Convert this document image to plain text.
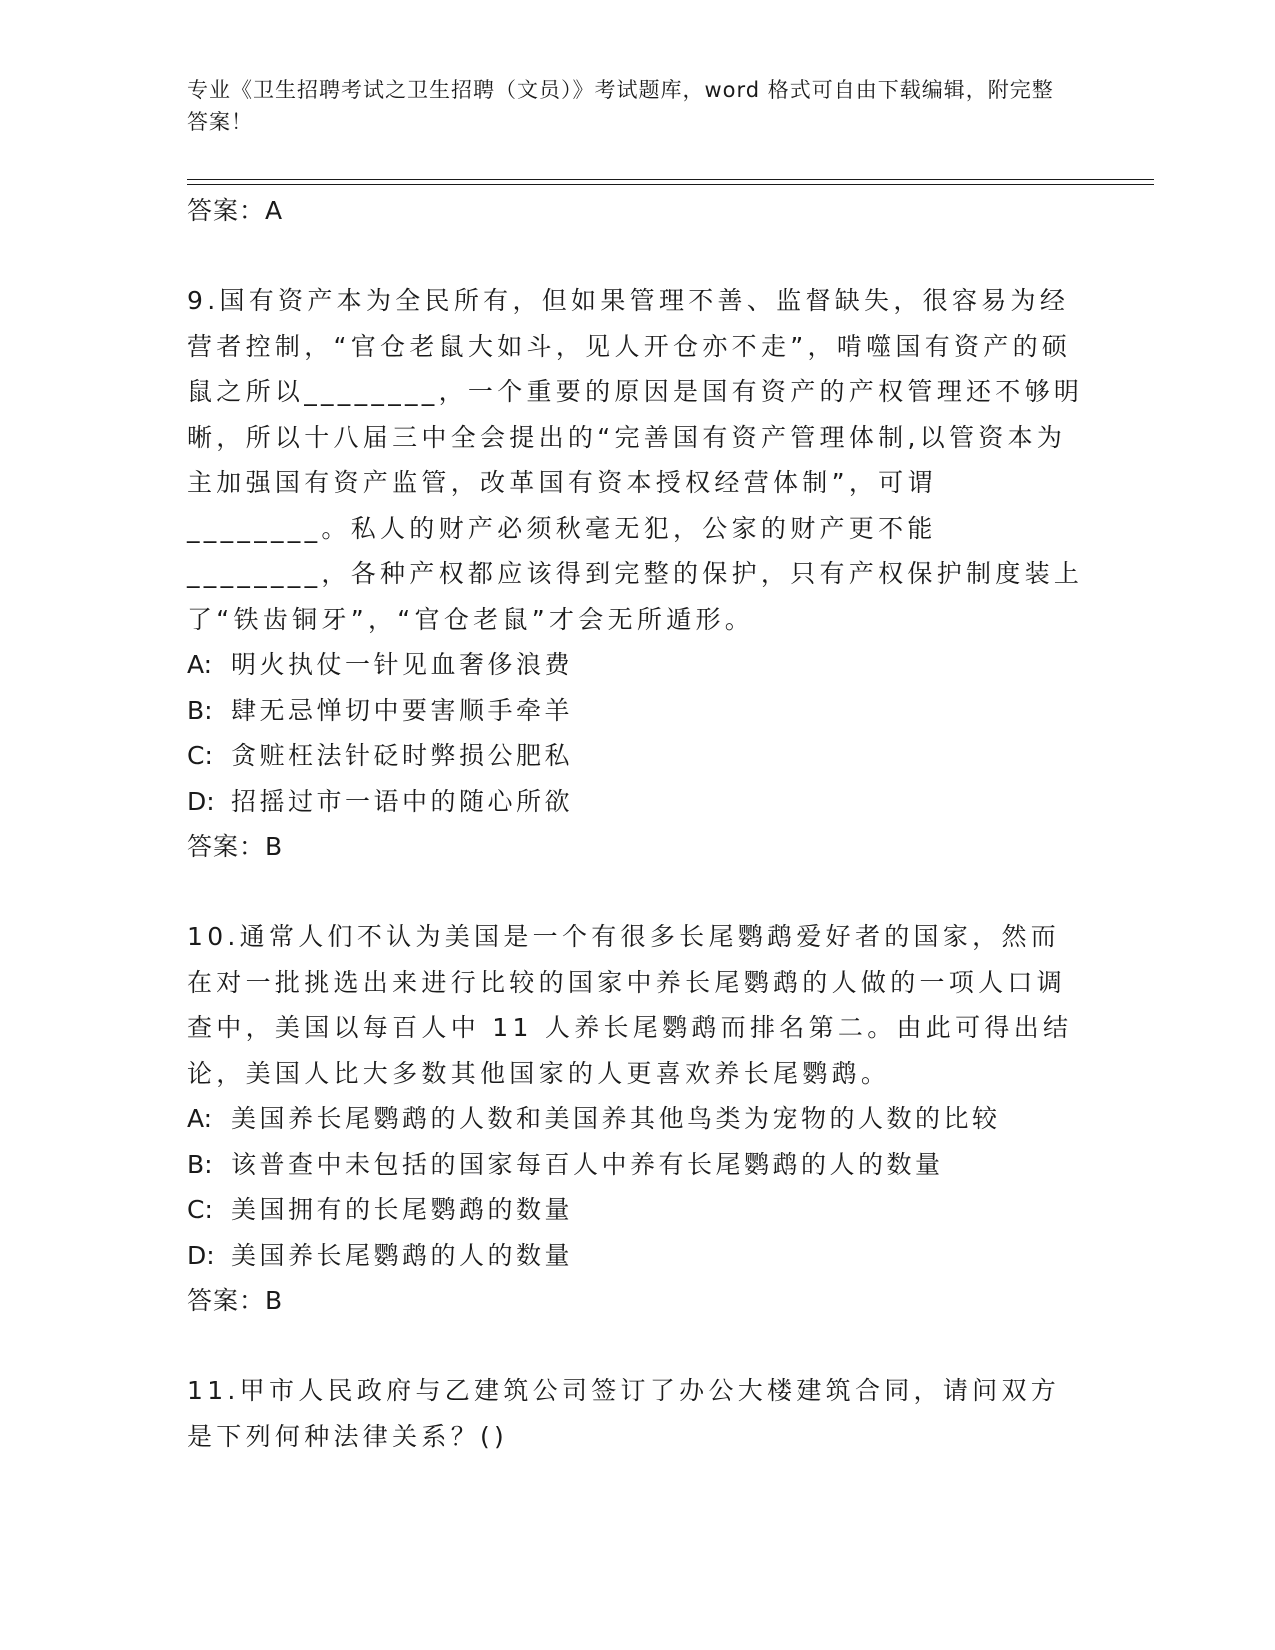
专业《卫生招聘考试之卫生招聘（文员）》考试题库，word 格式可自由下载编辑，附完整答案！
答案：A
9.国有资产本为全民所有，但如果管理不善、监督缺失，很容易为经营者控制，“官仓老鼠大如斗，见人开仓亦不走”，啃噬国有资产的硕鼠之所以________，一个重要的原因是国有资产的产权管理还不够明晰，所以十八届三中全会提出的“完善国有资产管理体制,以管资本为主加强国有资产监管，改革国有资本授权经营体制”，可谓________。私人的财产必须秋毫无犯，公家的财产更不能________，各种产权都应该得到完整的保护，只有产权保护制度装上了“铁齿铜牙”，“官仓老鼠”才会无所遁形。
A: 明火执仗一针见血奢侈浪费
B: 肆无忌惮切中要害顺手牵羊
C: 贪赃枉法针砭时弊损公肥私
D: 招摇过市一语中的随心所欲
答案：B
10.通常人们不认为美国是一个有很多长尾鹦鹉爱好者的国家，然而在对一批挑选出来进行比较的国家中养长尾鹦鹉的人做的一项人口调查中，美国以每百人中 11 人养长尾鹦鹉而排名第二。由此可得出结论，美国人比大多数其他国家的人更喜欢养长尾鹦鹉。
A: 美国养长尾鹦鹉的人数和美国养其他鸟类为宠物的人数的比较
B: 该普查中未包括的国家每百人中养有长尾鹦鹉的人的数量
C: 美国拥有的长尾鹦鹉的数量
D: 美国养长尾鹦鹉的人的数量
答案：B
11.甲市人民政府与乙建筑公司签订了办公大楼建筑合同，请问双方是下列何种法律关系？()
